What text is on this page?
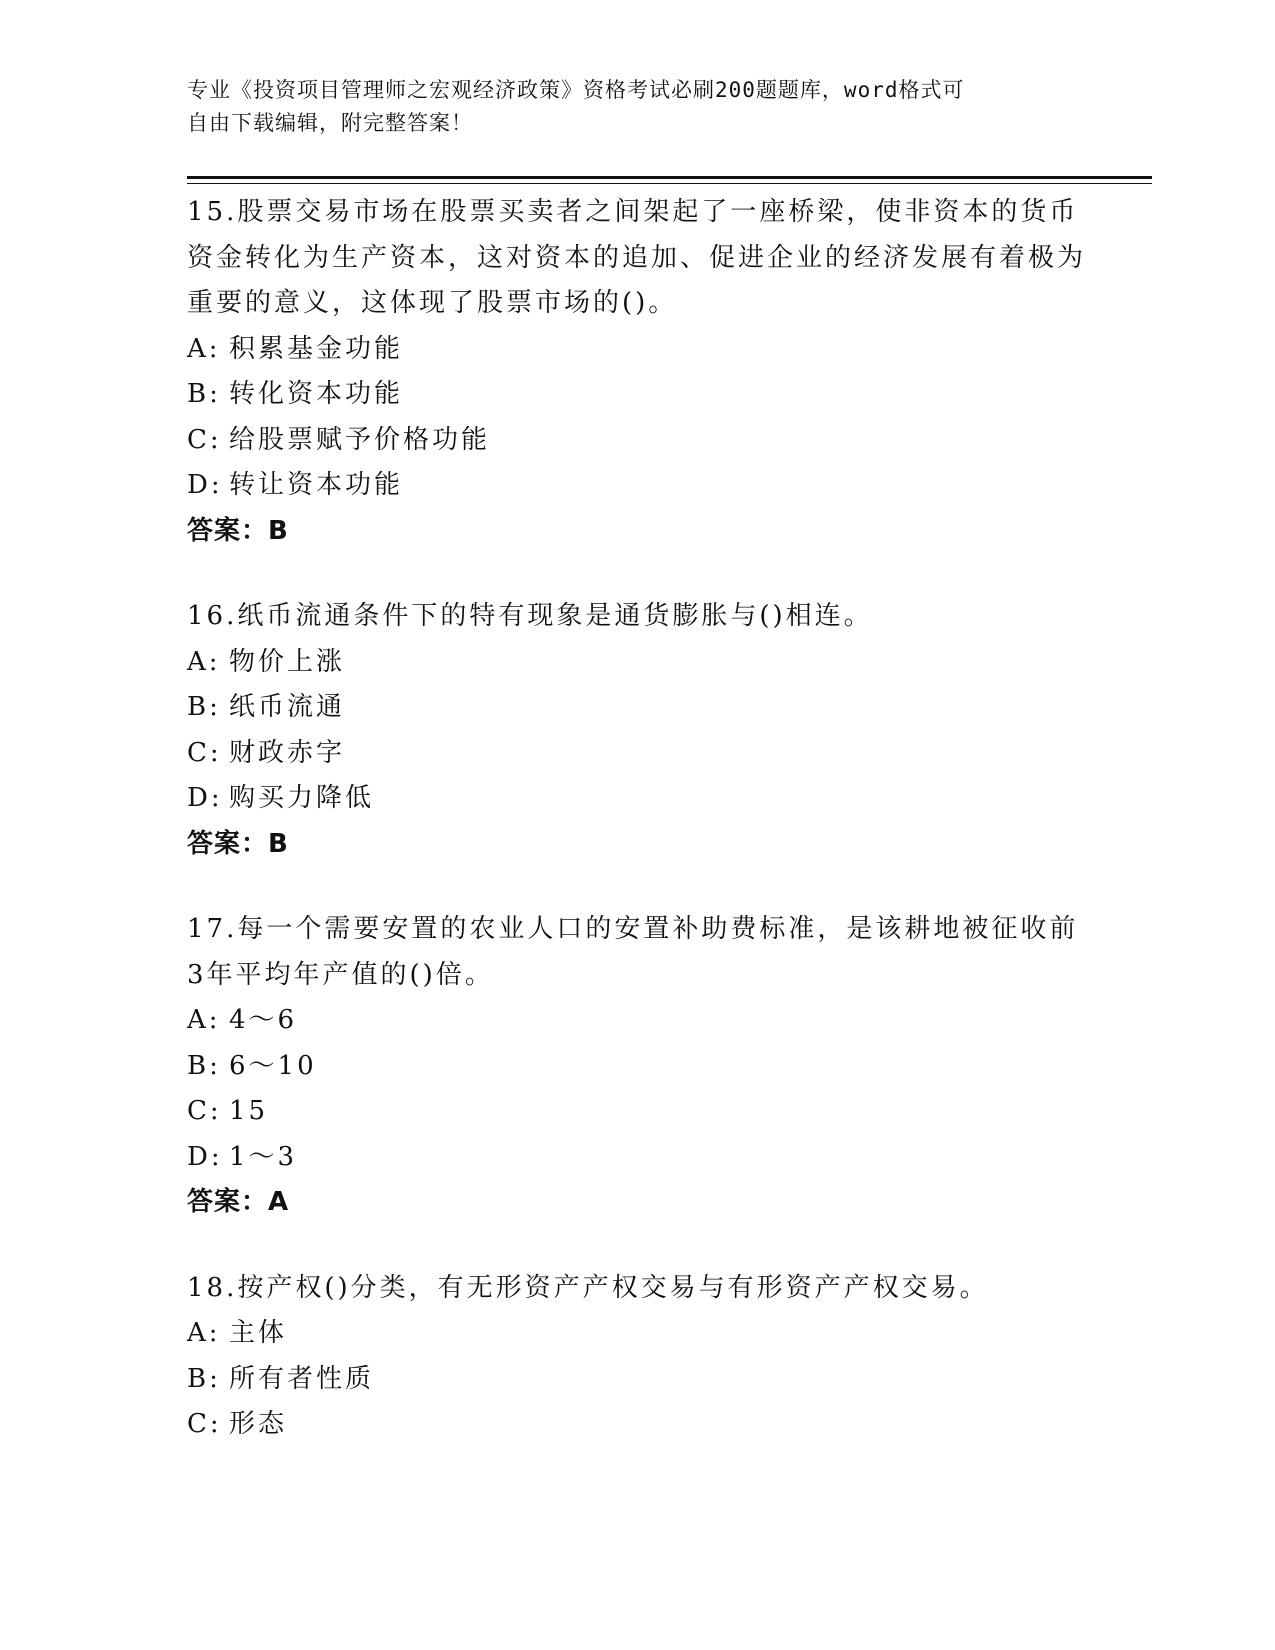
专业《投资项目管理师之宏观经济政策》资格考试必刷200题题库，word格式可
自由下载编辑，附完整答案！
15.股票交易市场在股票买卖者之间架起了一座桥梁，使非资本的货币资金转化为生产资本，这对资本的追加、促进企业的经济发展有着极为重要的意义，这体现了股票市场的()。
A: 积累基金功能
B: 转化资本功能
C: 给股票赋予价格功能
D: 转让资本功能
答案：B
16.纸币流通条件下的特有现象是通货膨胀与()相连。
A: 物价上涨
B: 纸币流通
C: 财政赤字
D: 购买力降低
答案：B
17.每一个需要安置的农业人口的安置补助费标准，是该耕地被征收前3年平均年产值的()倍。
A: 4～6
B: 6～10
C: 15
D: 1～3
答案：A
18.按产权()分类，有无形资产产权交易与有形资产产权交易。
A: 主体
B: 所有者性质
C: 形态
